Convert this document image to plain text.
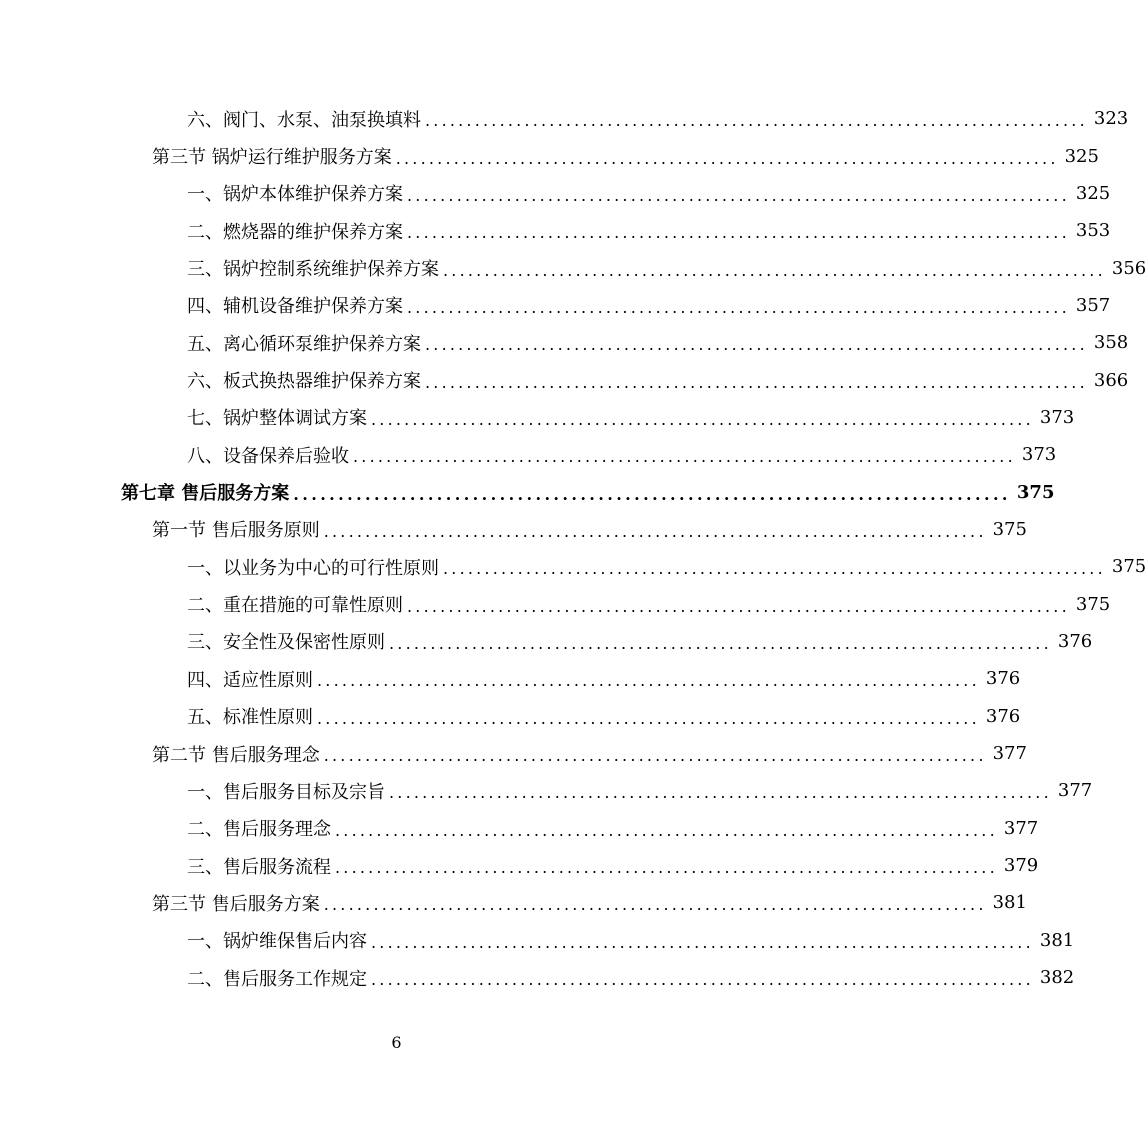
六、阀门、水泵、油泵换填料 ................................................................................ 323
第三节 锅炉运行维护服务方案 ................................................................................ 325
一、锅炉本体维护保养方案 ................................................................................ 325
二、燃烧器的维护保养方案 ................................................................................ 353
三、锅炉控制系统维护保养方案 ................................................................................ 356
四、辅机设备维护保养方案 ................................................................................ 357
五、离心循环泵维护保养方案 ................................................................................ 358
六、板式换热器维护保养方案 ................................................................................ 366
七、锅炉整体调试方案 ................................................................................ 373
八、设备保养后验收 ................................................................................ 373
第七章 售后服务方案 ................................................................................ 375
第一节 售后服务原则 ................................................................................ 375
一、以业务为中心的可行性原则 ................................................................................ 375
二、重在措施的可靠性原则 ................................................................................ 375
三、安全性及保密性原则 ................................................................................ 376
四、适应性原则 ................................................................................ 376
五、标准性原则 ................................................................................ 376
第二节 售后服务理念 ................................................................................ 377
一、售后服务目标及宗旨 ................................................................................ 377
二、售后服务理念 ................................................................................ 377
三、售后服务流程 ................................................................................ 379
第三节 售后服务方案 ................................................................................ 381
一、锅炉维保售后内容 ................................................................................ 381
二、售后服务工作规定 ................................................................................ 382
6
